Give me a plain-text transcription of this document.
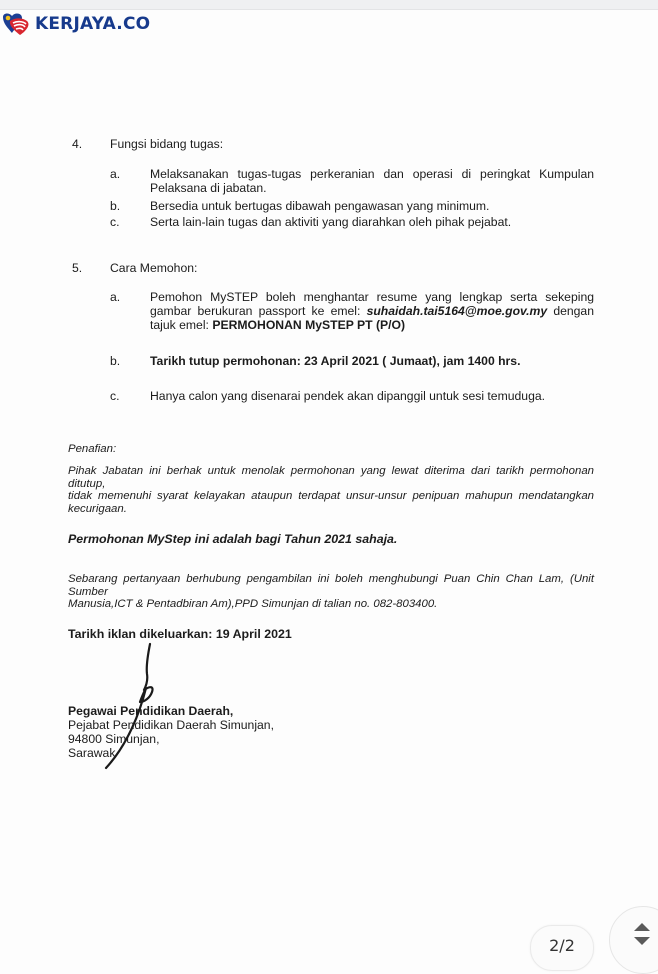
KERJAYA.CO
4. Fungsi bidang tugas:
a. Melaksanakan tugas-tugas perkeranian dan operasi di peringkat Kumpulan
Pelaksana di jabatan.
b. Bersedia untuk bertugas dibawah pengawasan yang minimum.
c.	Serta lain-lain tugas dan aktiviti yang diarahkan oleh pihak pejabat.
5. Cara Memohon:
a. Pemohon MySTEP boleh menghantar resume yang lengkap serta sekeping
gambar berukuran passport ke emel: suhaidah.tai5164@moe.gov.my dengan
tajuk emel: PERMOHONAN MySTEP PT (P/O)
b. Tarikh tutup permohonan: 23 April 2021 ( Jumaat), jam 1400 hrs.
c.	Hanya calon yang disenarai pendek akan dipanggil untuk sesi temuduga.
Penafian:
Pihak Jabatan ini berhak untuk menolak permohonan yang lewat diterima dari tarikh permohonan ditutup,
tidak memenuhi syarat kelayakan ataupun terdapat unsur-unsur penipuan mahupun mendatangkan
kecurigaan.
Permohonan MyStep ini adalah bagi Tahun 2021 sahaja.
Sebarang pertanyaan berhubung pengambilan ini boleh menghubungi Puan Chin Chan Lam, (Unit Sumber
Manusia,ICT & Pentadbiran Am),PPD Simunjan di talian no. 082-803400.
Tarikh iklan dikeluarkan: 19 April 2021
Pegawai Pendidikan Daerah,
Pejabat Pendidikan Daerah Simunjan,
94800 Simunjan,
Sarawak
2/2
